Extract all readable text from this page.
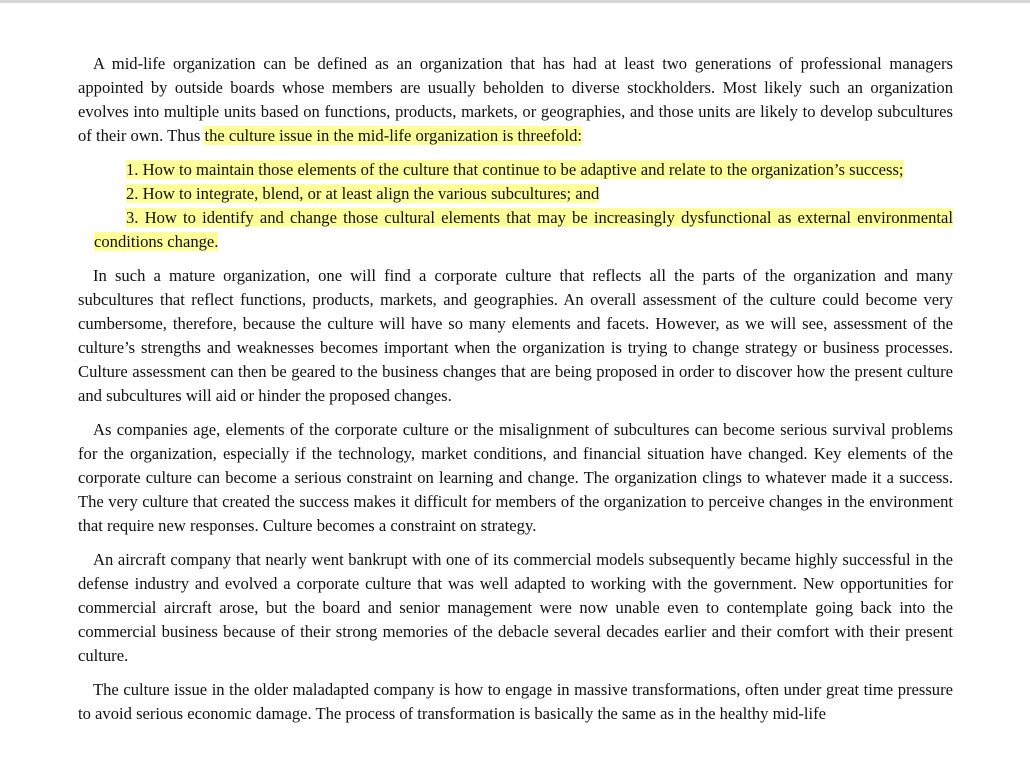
A mid-life organization can be defined as an organization that has had at least two generations of professional managers appointed by outside boards whose members are usually beholden to diverse stockholders. Most likely such an organization evolves into multiple units based on functions, products, markets, or geographies, and those units are likely to develop subcultures of their own. Thus the culture issue in the mid-life organization is threefold:

1. How to maintain those elements of the culture that continue to be adaptive and relate to the organization’s success;
2. How to integrate, blend, or at least align the various subcultures; and
3. How to identify and change those cultural elements that may be increasingly dysfunctional as external environmental conditions change.

In such a mature organization, one will find a corporate culture that reflects all the parts of the organization and many subcultures that reflect functions, products, markets, and geographies. An overall assessment of the culture could become very cumbersome, therefore, because the culture will have so many elements and facets. However, as we will see, assessment of the culture’s strengths and weaknesses becomes important when the organization is trying to change strategy or business processes. Culture assessment can then be geared to the business changes that are being proposed in order to discover how the present culture and subcultures will aid or hinder the proposed changes.

As companies age, elements of the corporate culture or the misalignment of subcultures can become serious survival problems for the organization, especially if the technology, market conditions, and financial situation have changed. Key elements of the corporate culture can become a serious constraint on learning and change. The organization clings to whatever made it a success. The very culture that created the success makes it difficult for members of the organization to perceive changes in the environment that require new responses. Culture becomes a constraint on strategy.

An aircraft company that nearly went bankrupt with one of its commercial models subsequently became highly successful in the defense industry and evolved a corporate culture that was well adapted to working with the government. New opportunities for commercial aircraft arose, but the board and senior management were now unable even to contemplate going back into the commercial business because of their strong memories of the debacle several decades earlier and their comfort with their present culture.

The culture issue in the older maladapted company is how to engage in massive transformations, often under great time pressure to avoid serious economic damage. The process of transformation is basically the same as in the healthy mid-life
